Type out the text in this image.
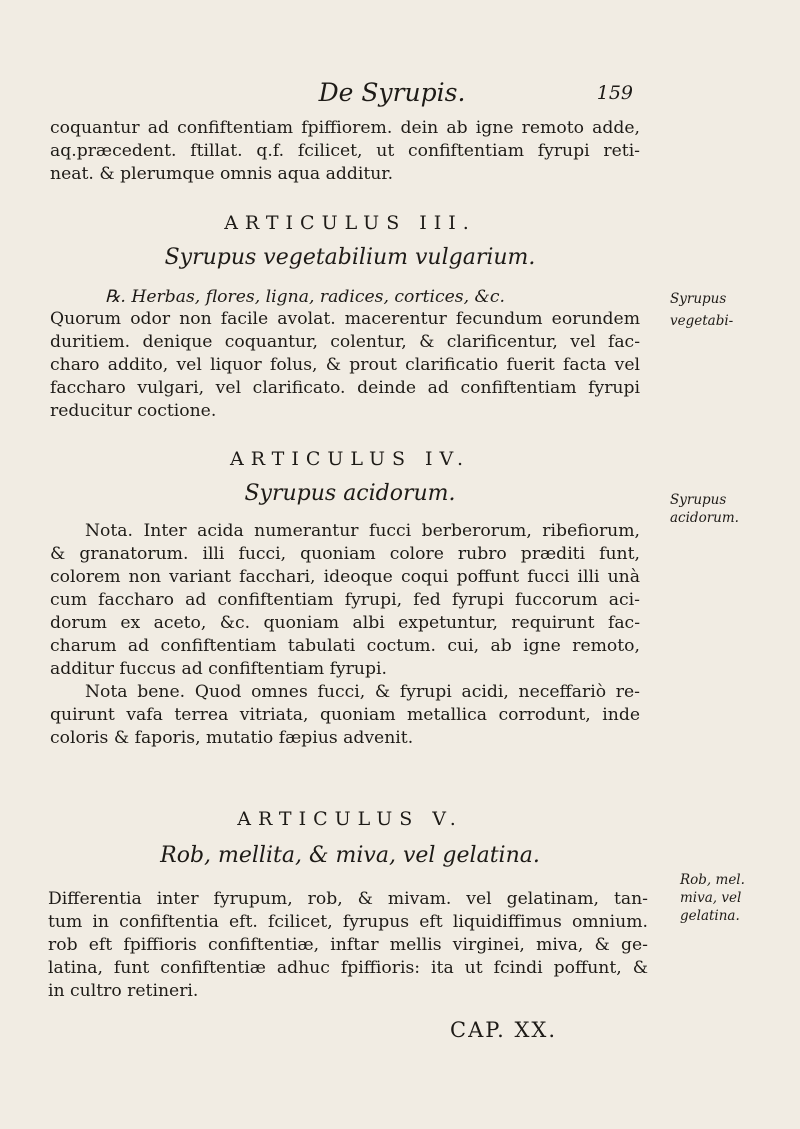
De Syrupis.	159
coquantur ad confiftentiam fpiffiorem. dein ab igne remoto adde,
aq.præcedent. ftillat. q.f. fcilicet, ut confiftentiam fyrupi reti-
neat. & plerumque omnis aqua additur.
ARTICULUS III.
Syrupus vegetabilium vulgarium.
℞. Herbas, flores, ligna, radices, cortices, &c.
Quorum odor non facile avolat. macerentur fecundum eorundem
duritiem. denique coquantur, colentur, & clarificentur, vel fac-
charo addito, vel liquor folus, & prout clarificatio fuerit facta vel
faccharo vulgari, vel clarificato. deinde ad confiftentiam fyrupi
reducitur coctione.
Syrupus
vegetabi-
ARTICULUS IV.
Syrupus acidorum.
Nota. Inter acida numerantur fucci berberorum, ribefiorum,
& granatorum. illi fucci, quoniam colore rubro præditi funt,
colorem non variant facchari, ideoque coqui poffunt fucci illi unà
cum faccharo ad confiftentiam fyrupi, fed fyrupi fuccorum aci-
dorum ex aceto, &c. quoniam albi expetuntur, requirunt fac-
charum ad confiftentiam tabulati coctum. cui, ab igne remoto,
additur fuccus ad confiftentiam fyrupi.
Nota bene. Quod omnes fucci, & fyrupi acidi, neceffariò re-
quirunt vafa terrea vitriata, quoniam metallica corrodunt, inde
coloris & faporis, mutatio fæpius advenit.
Syrupus
acidorum.
ARTICULUS V.
Rob, mellita, & miva, vel gelatina.
Differentia inter fyrupum, rob, & mivam. vel gelatinam, tan-
tum in confiftentia eft. fcilicet, fyrupus eft liquidiffimus omnium.
rob eft fpiffioris confiftentiæ, inftar mellis virginei, miva, & ge-
latina, funt confiftentiæ adhuc fpiffioris: ita ut fcindi poffunt, &
in cultro retineri.
Rob, mel.
miva, vel
gelatina.
CAP. XX.
